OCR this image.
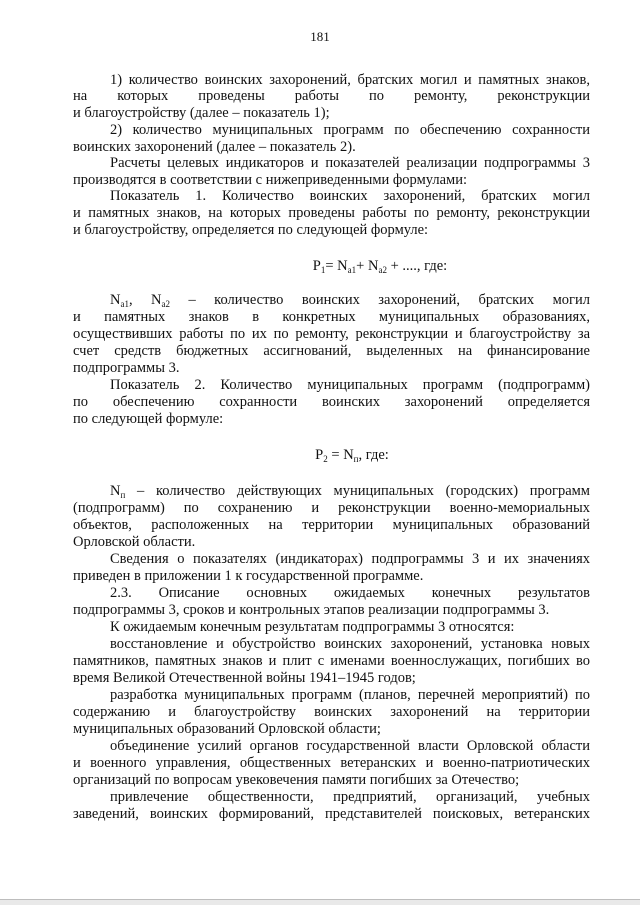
181
1) количество воинских захоронений, братских могил и памятных знаков,
на которых проведены работы по ремонту, реконструкции
и благоустройству (далее – показатель 1);
2) количество муниципальных программ по обеспечению сохранности
воинских захоронений (далее – показатель 2).
Расчеты целевых индикаторов и показателей реализации подпрограммы 3
производятся в соответствии с нижеприведенными формулами:
Показатель 1. Количество воинских захоронений, братских могил
и памятных знаков, на которых проведены работы по ремонту, реконструкции
и благоустройству, определяется по следующей формуле:
$N_{а1}$, $N_{а2}$ – количество воинских захоронений, братских могил
и памятных знаков в конкретных муниципальных образованиях,
осуществивших работы по их по ремонту, реконструкции и благоустройству за
счет средств бюджетных ассигнований, выделенных на финансирование
подпрограммы 3.
Показатель 2. Количество муниципальных программ (подпрограмм)
по обеспечению сохранности воинских захоронений определяется
по следующей формуле:
$N_п$ – количество действующих муниципальных (городских) программ
(подпрограмм) по сохранению и реконструкции военно-мемориальных
объектов, расположенных на территории муниципальных образований
Орловской области.
Сведения о показателях (индикаторах) подпрограммы 3 и их значениях
приведен в приложении 1 к государственной программе.
2.3. Описание основных ожидаемых конечных результатов
подпрограммы 3, сроков и контрольных этапов реализации подпрограммы 3.
К ожидаемым конечным результатам подпрограммы 3 относятся:
восстановление и обустройство воинских захоронений, установка новых
памятников, памятных знаков и плит с именами военнослужащих, погибших во
время Великой Отечественной войны 1941–1945 годов;
разработка муниципальных программ (планов, перечней мероприятий) по
содержанию и благоустройству воинских захоронений на территории
муниципальных образований Орловской области;
объединение усилий органов государственной власти Орловской области
и военного управления, общественных ветеранских и военно-патриотических
организаций по вопросам увековечения памяти погибших за Отечество;
привлечение общественности, предприятий, организаций, учебных
заведений, воинских формирований, представителей поисковых, ветеранских
$P_1= N_{a1}+ N_{a2}$ + ...., где:
$P_2 = N_п$, где:
